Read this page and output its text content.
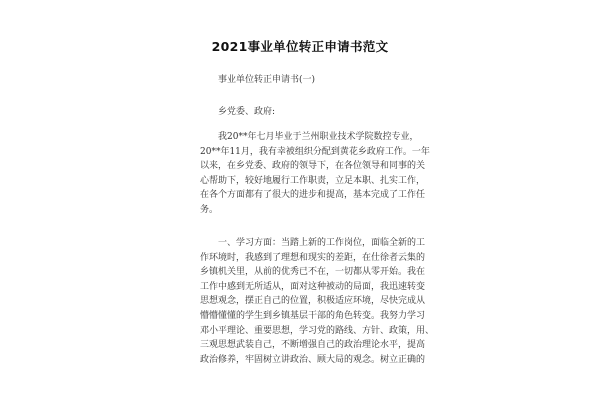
2021事业单位转正申请书范文
事业单位转正申请书(一)
乡党委、政府:
我20**年七月毕业于兰州职业技术学院数控专业，
20**年11月，我有幸被组织分配到黄花乡政府工作。一年
以来，在乡党委、政府的领导下，在各位领导和同事的关
心帮助下，较好地履行工作职责，立足本职、扎实工作，
在各个方面都有了很大的进步和提高，基本完成了工作任
务。
一、学习方面：当踏上新的工作岗位，面临全新的工
作环境时，我感到了理想和现实的差距，在仕徐者云集的
乡镇机关里，从前的优秀已不在，一切都从零开始。我在
工作中感到无所适从，面对这种被动的局面，我迅速转变
思想观念，摆正自己的位置，积极适应环境，尽快完成从
懵懵懂懂的学生到乡镇基层干部的角色转变。我努力学习
邓小平理论、重要思想，学习党的路线、方针、政策，用、
三观思想武装自己，不断增强自己的政治理论水平，提高
政治修养，牢固树立讲政治、顾大局的观念。树立正确的
